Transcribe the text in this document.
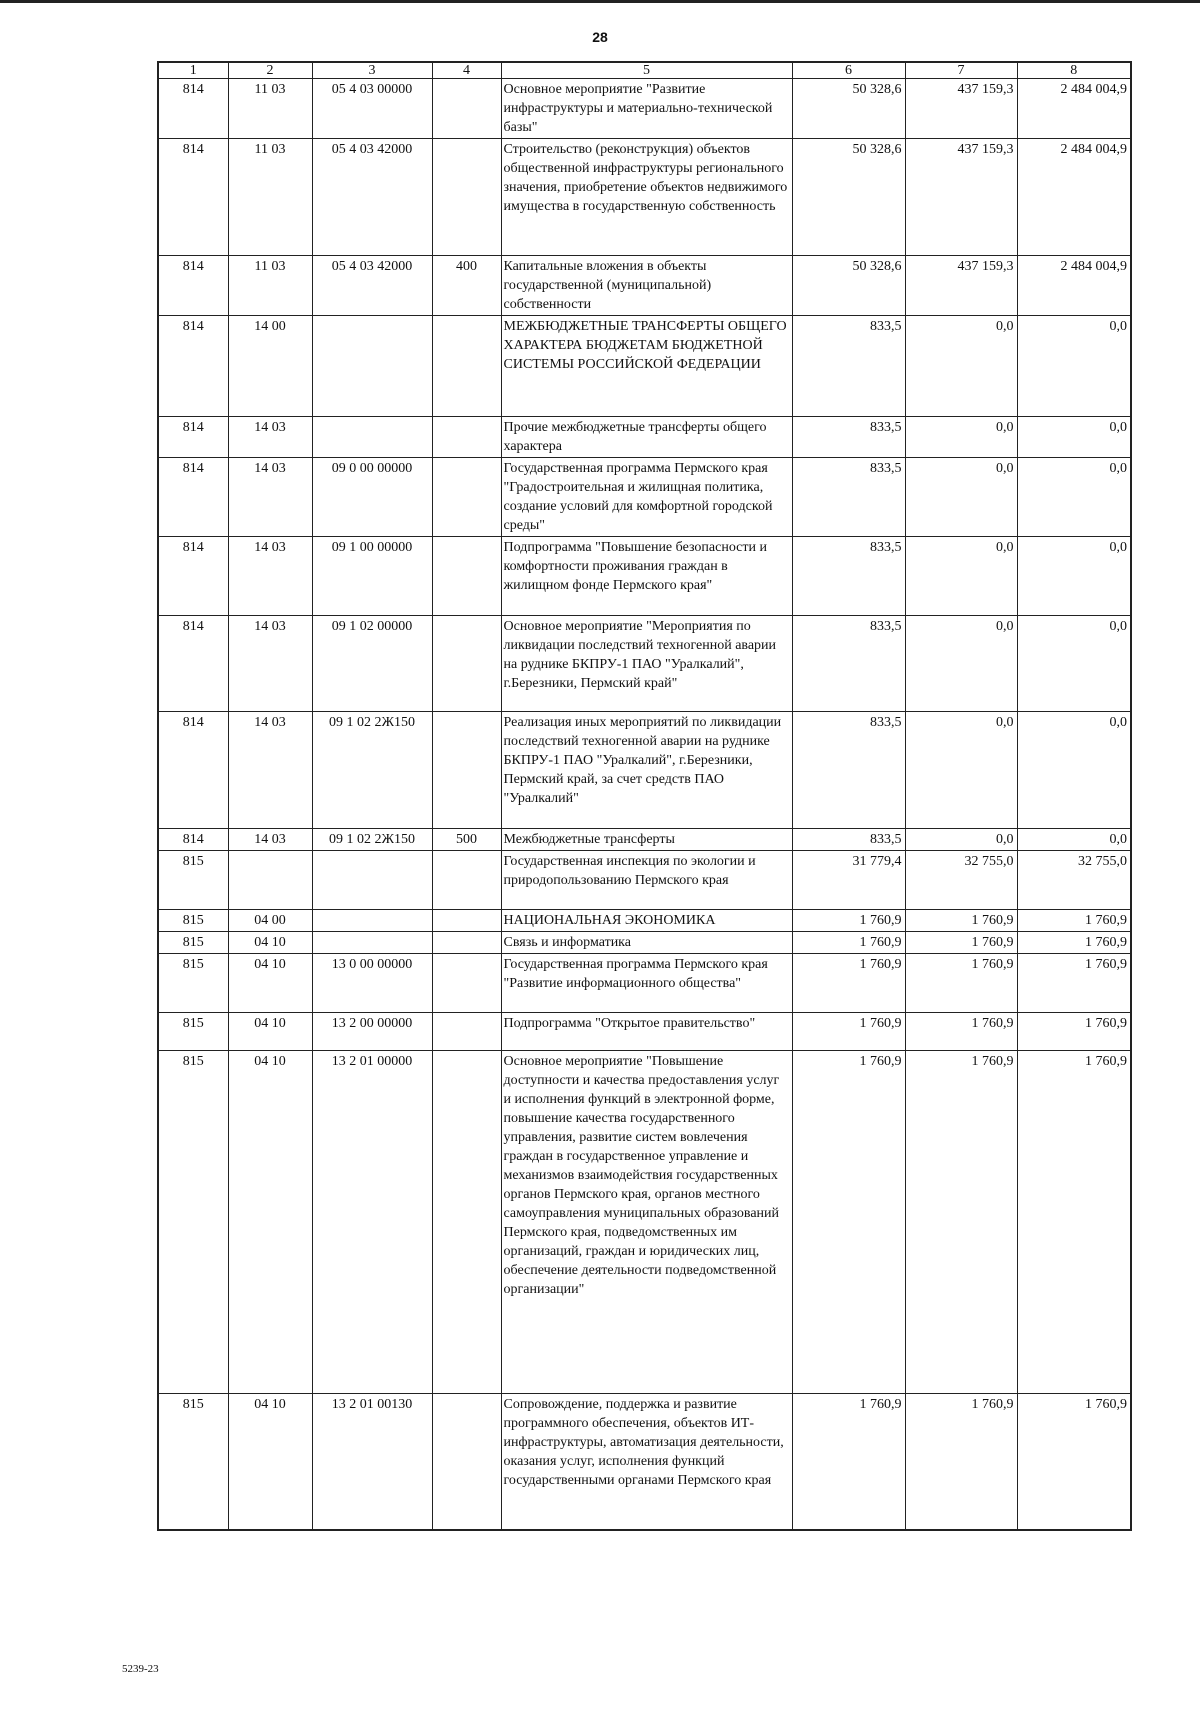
28
1	2	3	4	5	6	7	8
814	11 03	05 4 03 00000		Основное мероприятие "Развитие инфраструктуры и материально-технической базы"	50 328,6	437 159,3	2 484 004,9
814	11 03	05 4 03 42000		Строительство (реконструкция) объектов общественной инфраструктуры регионального значения, приобретение объектов недвижимого имущества в государственную собственность	50 328,6	437 159,3	2 484 004,9
814	11 03	05 4 03 42000	400	Капитальные вложения в объекты государственной (муниципальной) собственности	50 328,6	437 159,3	2 484 004,9
814	14 00			МЕЖБЮДЖЕТНЫЕ ТРАНСФЕРТЫ ОБЩЕГО ХАРАКТЕРА БЮДЖЕТАМ БЮДЖЕТНОЙ СИСТЕМЫ РОССИЙСКОЙ ФЕДЕРАЦИИ	833,5	0,0	0,0
814	14 03			Прочие межбюджетные трансферты общего характера	833,5	0,0	0,0
814	14 03	09 0 00 00000		Государственная программа Пермского края "Градостроительная и жилищная политика, создание условий для комфортной городской среды"	833,5	0,0	0,0
814	14 03	09 1 00 00000		Подпрограмма "Повышение безопасности и комфортности проживания граждан в жилищном фонде Пермского края"	833,5	0,0	0,0
814	14 03	09 1 02 00000		Основное мероприятие "Мероприятия по ликвидации последствий техногенной аварии на руднике БКПРУ-1 ПАО "Уралкалий", г.Березники, Пермский край"	833,5	0,0	0,0
814	14 03	09 1 02 2Ж150		Реализация иных мероприятий по ликвидации последствий техногенной аварии на руднике БКПРУ-1 ПАО "Уралкалий", г.Березники, Пермский край, за счет средств ПАО "Уралкалий"	833,5	0,0	0,0
814	14 03	09 1 02 2Ж150	500	Межбюджетные трансферты	833,5	0,0	0,0
815				Государственная инспекция по экологии и природопользованию Пермского края	31 779,4	32 755,0	32 755,0
815	04 00			НАЦИОНАЛЬНАЯ ЭКОНОМИКА	1 760,9	1 760,9	1 760,9
815	04 10			Связь и информатика	1 760,9	1 760,9	1 760,9
815	04 10	13 0 00 00000		Государственная программа Пермского края "Развитие информационного общества"	1 760,9	1 760,9	1 760,9
815	04 10	13 2 00 00000		Подпрограмма "Открытое правительство"	1 760,9	1 760,9	1 760,9
815	04 10	13 2 01 00000		Основное мероприятие "Повышение доступности и качества предоставления услуг и исполнения функций в электронной форме, повышение качества государственного управления, развитие систем вовлечения граждан в государственное управление и механизмов взаимодействия государственных органов Пермского края, органов местного самоуправления муниципальных образований Пермского края, подведомственных им организаций, граждан и юридических лиц, обеспечение деятельности подведомственной организации"	1 760,9	1 760,9	1 760,9
815	04 10	13 2 01 00130		Сопровождение, поддержка и развитие программного обеспечения, объектов ИТ-инфраструктуры, автоматизация деятельности, оказания услуг, исполнения функций государственными органами Пермского края	1 760,9	1 760,9	1 760,9
5239-23
